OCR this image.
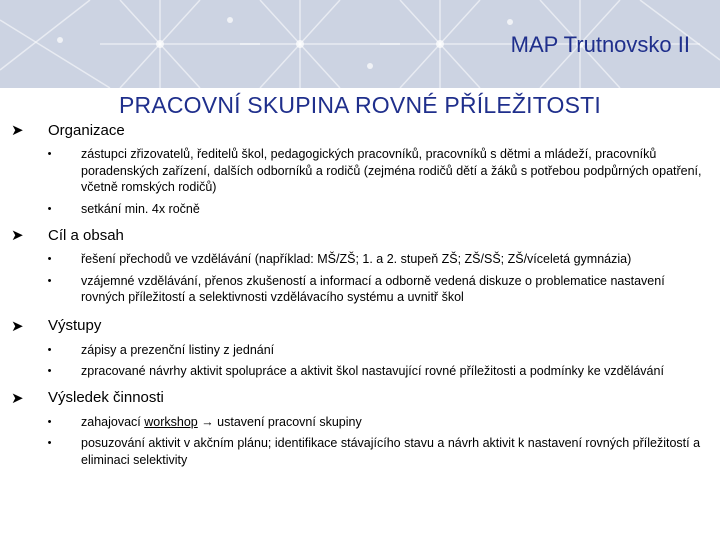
MAP Trutnovsko II
PRACOVNÍ SKUPINA ROVNÉ PŘÍLEŽITOSTI
➤	Organizace
•	zástupci zřizovatelů, ředitelů škol, pedagogických pracovníků, pracovníků s dětmi a mládeží, pracovníků poradenských zařízení, dalších odborníků a rodičů (zejména rodičů dětí a žáků s potřebou podpůrných opatření, včetně romských rodičů)
•	setkání min. 4x ročně
➤	Cíl a obsah
•	řešení přechodů ve vzdělávání (například: MŠ/ZŠ; 1. a 2. stupeň ZŠ; ZŠ/SŠ; ZŠ/víceletá gymnázia)
•	vzájemné vzdělávání, přenos zkušeností a informací a odborně vedená diskuze o problematice nastavení rovných příležitostí a selektivnosti vzdělávacího systému a uvnitř škol
➤	Výstupy
•	zápisy a prezenční listiny z jednání
•	zpracované návrhy aktivit spolupráce a aktivit škol nastavující rovné příležitosti a podmínky ke vzdělávání
➤	Výsledek činnosti
•	zahajovací workshop → ustavení pracovní skupiny
•	posuzování aktivit v akčním plánu; identifikace stávajícího stavu a návrh aktivit k nastavení rovných příležitostí a eliminaci selektivity
